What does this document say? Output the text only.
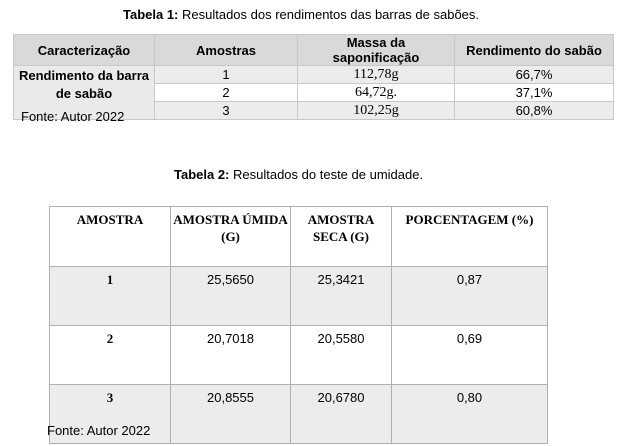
Tabela 1: Resultados dos rendimentos das barras de sabões.
Caracterização	Amostras	Massa da saponificação	Rendimento do sabão
Rendimento da barra de sabão	1	112,78g	66,7%
	2	64,72g.	37,1%
	3	102,25g	60,8%
Fonte: Autor 2022
Tabela 2: Resultados do teste de umidade.
AMOSTRA	AMOSTRA ÚMIDA (G)	AMOSTRA SECA (G)	PORCENTAGEM (%)
1	25,5650	25,3421	0,87
2	20,7018	20,5580	0,69
3	20,8555	20,6780	0,80
Fonte: Autor 2022
